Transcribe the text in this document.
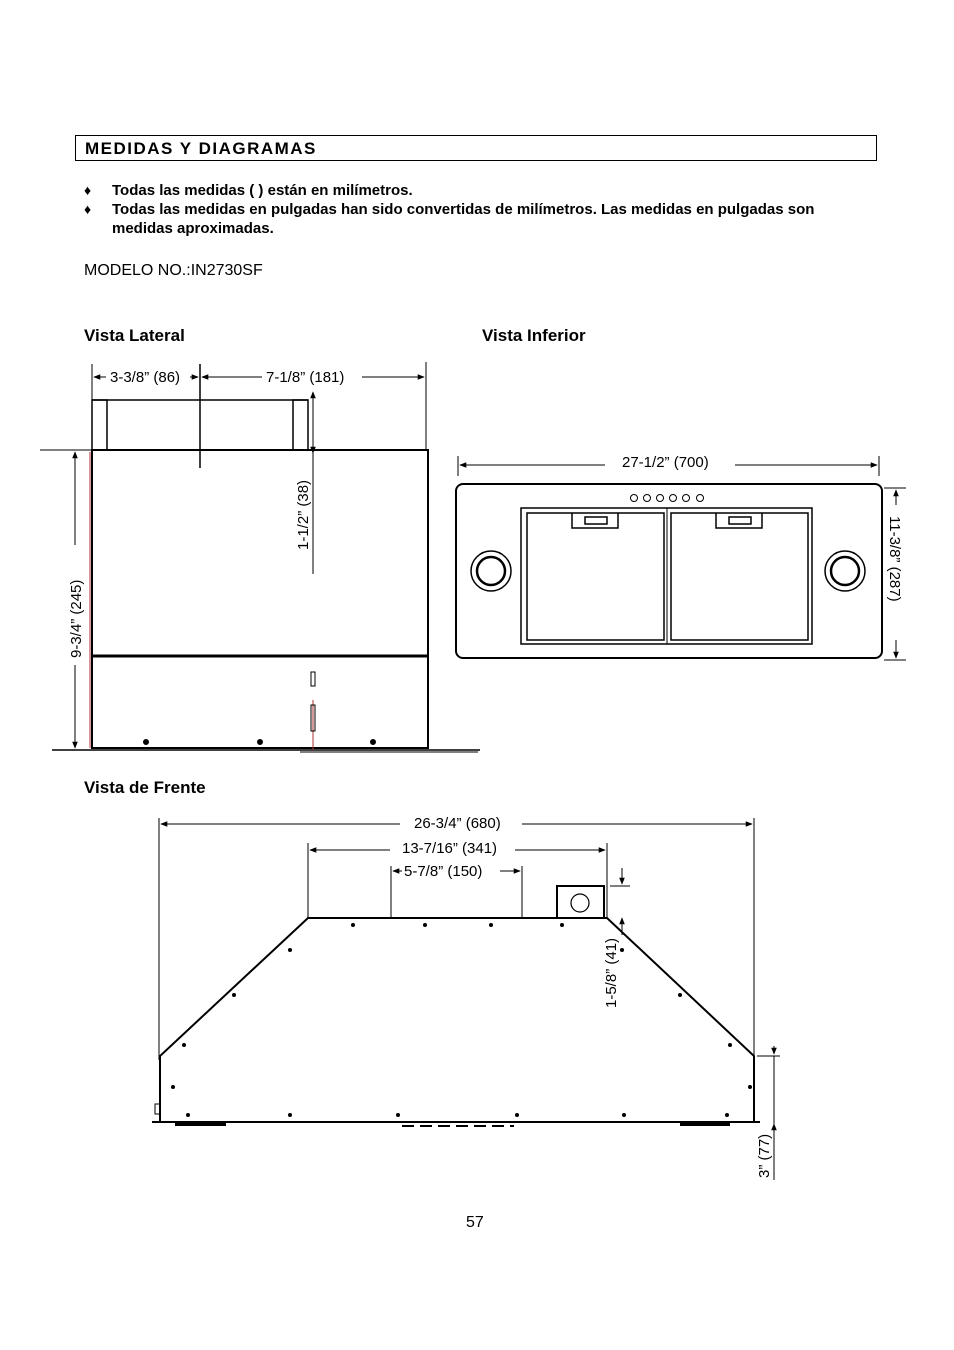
MEDIDAS Y DIAGRAMAS
♦	Todas las medidas ( ) están en milímetros.
♦	Todas las medidas en pulgadas han sido convertidas de milímetros. Las medidas en pulgadas son medidas aproximadas.
MODELO NO.:IN2730SF
Vista Lateral	Vista Inferior
Vista de Frente
3-3/8” (86)	7-1/8” (181)
1-1/2” (38)
9-3/4” (245)
27-1/2” (700)
11-3/8” (287)
26-3/4” (680)
13-7/16” (341)
5-7/8” (150)
1-5/8” (41)
3” (77)
57
